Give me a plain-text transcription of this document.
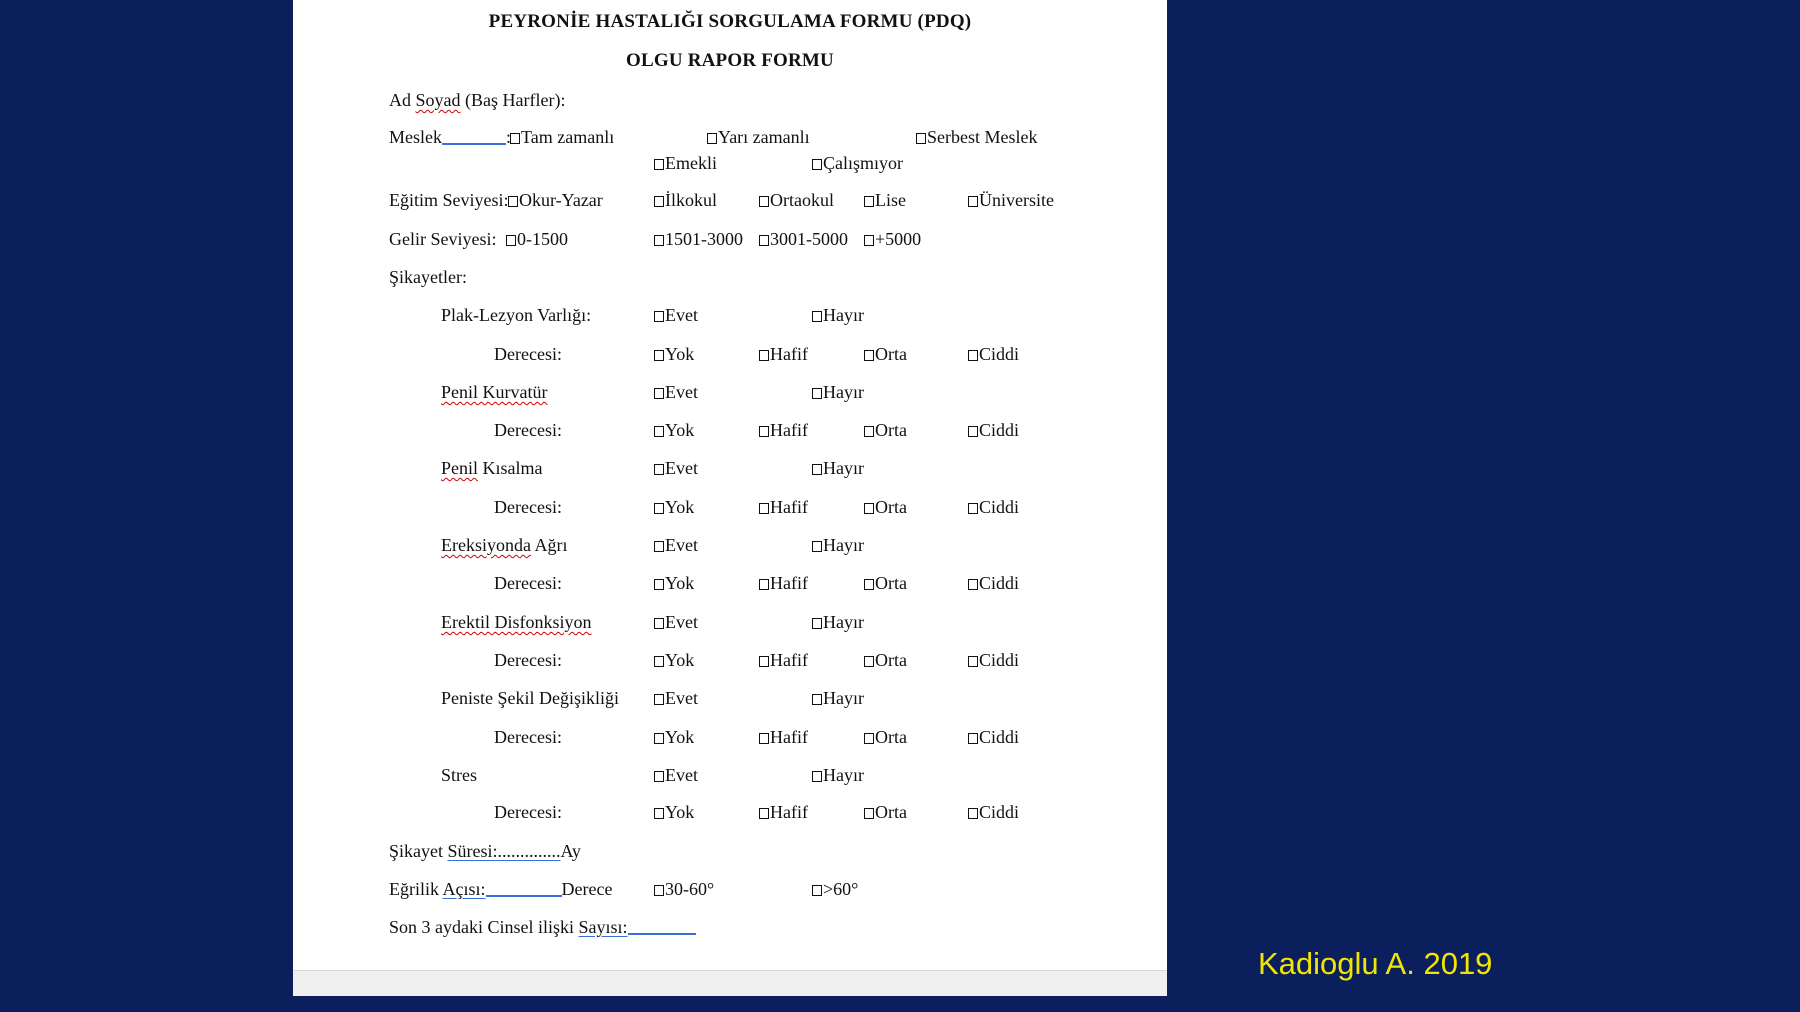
PEYRONİE HASTALIĞI SORGULAMA FORMU (PDQ)
OLGU RAPOR FORMU
Ad Soyad (Baş Harfler):
Meslek	: Tam zamanlı	Yarı zamanlı	Serbest Meslek
Emekli	Çalışmıyor
Eğitim Seviyesi: Okur-Yazar	İlkokul	Ortaokul	Lise	Üniversite
Gelir Seviyesi:	0-1500	1501-3000	3001-5000	+5000
Şikayetler:
Plak-Lezyon Varlığı:	Evet	Hayır
Derecesi:	Yok	Hafif	Orta	Ciddi
Penil Kurvatür	Evet	Hayır
Derecesi:	Yok	Hafif	Orta	Ciddi
Penil Kısalma	Evet	Hayır
Derecesi:	Yok	Hafif	Orta	Ciddi
Ereksiyonda Ağrı	Evet	Hayır
Derecesi:	Yok	Hafif	Orta	Ciddi
Erektil Disfonksiyon	Evet	Hayır
Derecesi:	Yok	Hafif	Orta	Ciddi
Peniste Şekil Değişikliği	Evet	Hayır
Derecesi:	Yok	Hafif	Orta	Ciddi
Stres	Evet	Hayır
Derecesi:	Yok	Hafif	Orta	Ciddi
Şikayet Süresi:..............Ay
Eğrilik Açısı:	Derece	30-60°	>60°
Son 3 aydaki Cinsel ilişki Sayısı:
Kadioglu A. 2019
